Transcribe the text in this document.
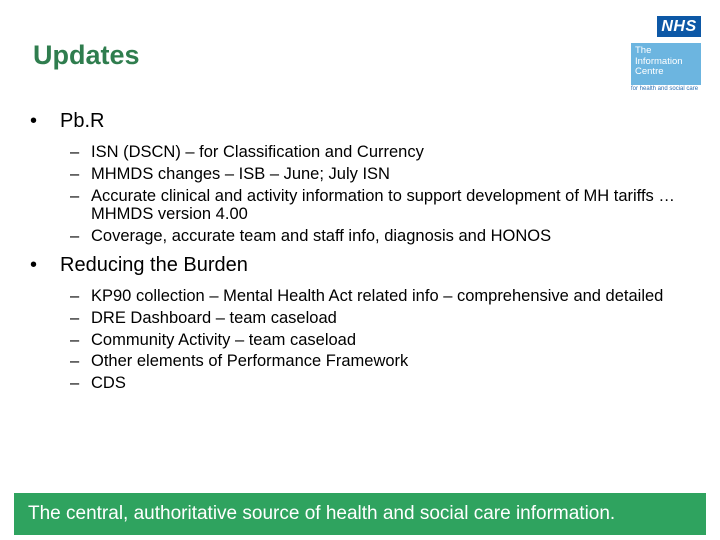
Updates
NHS
The
Information
Centre
for health and social care
• Pb.R
– ISN (DSCN) – for Classification and Currency
– MHMDS changes – ISB – June; July ISN
– Accurate clinical and activity information to support development of MH tariffs …MHMDS version 4.00
– Coverage, accurate team and staff info, diagnosis and HONOS
• Reducing the Burden
– KP90 collection – Mental Health Act related info – comprehensive and detailed
– DRE Dashboard – team caseload
– Community Activity – team caseload
– Other elements of Performance Framework
– CDS
The central, authoritative source of health and social care information.
